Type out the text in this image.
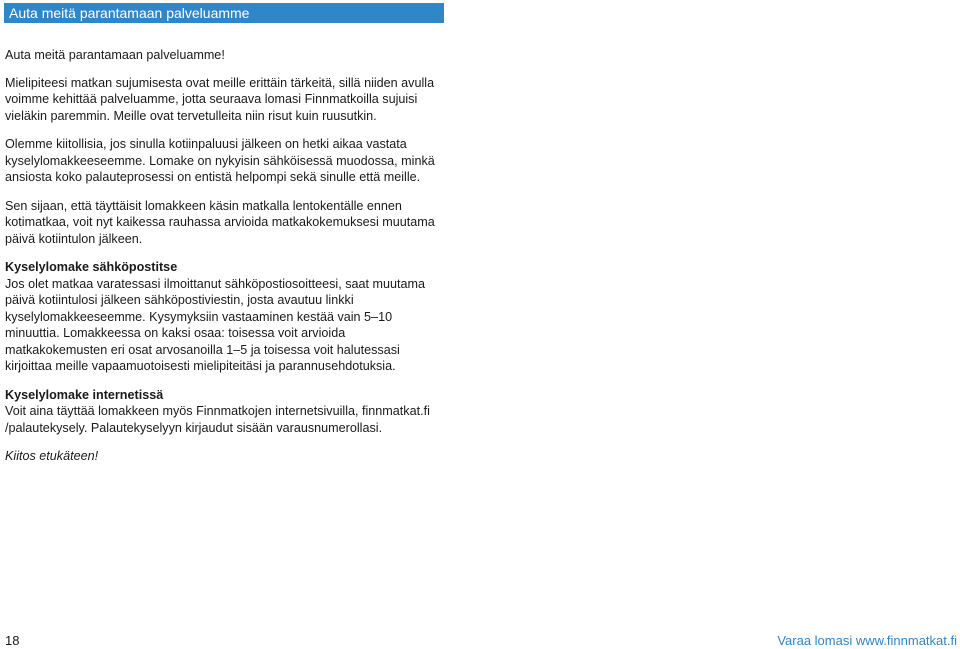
Auta meitä parantamaan palveluamme

Auta meitä parantamaan palveluamme!

Mielipiteesi matkan sujumisesta ovat meille erittäin tärkeitä, sillä niiden avulla voimme kehittää palveluamme, jotta seuraava lomasi Finnmatkoilla sujuisi vieläkin paremmin. Meille ovat tervetulleita niin risut kuin ruusutkin.

Olemme kiitollisia, jos sinulla kotiinpaluusi jälkeen on hetki aikaa vastata kyselylomakkeeseemme. Lomake on nykyisin sähköisessä muodossa, minkä ansiosta koko palauteprosessi on entistä helpompi sekä sinulle että meille.

Sen sijaan, että täyttäisit lomakkeen käsin matkalla lentokentälle ennen kotimatkaa, voit nyt kaikessa rauhassa arvioida matkakokemuksesi muutama päivä kotiintulon jälkeen.

Kyselylomake sähköpostitse
Jos olet matkaa varatessasi ilmoittanut sähköpostiosoitteesi, saat muutama päivä kotiintulosi jälkeen sähköpostiviestin, josta avautuu linkki kyselylomakkeeseemme. Kysymyksiin vastaaminen kestää vain 5–10 minuuttia. Lomakkeessa on kaksi osaa: toisessa voit arvioida matkakokemusten eri osat arvosanoilla 1–5 ja toisessa voit halutessasi kirjoittaa meille vapaamuotoisesti mielipiteitäsi ja parannusehdotuksia.

Kyselylomake internetissä
Voit aina täyttää lomakkeen myös Finnmatkojen internetsivuilla, finnmatkat.fi /palautekysely. Palautekyselyyn kirjaudut sisään varausnumerollasi.

Kiitos etukäteen!

18	Varaa lomasi www.finnmatkat.fi
